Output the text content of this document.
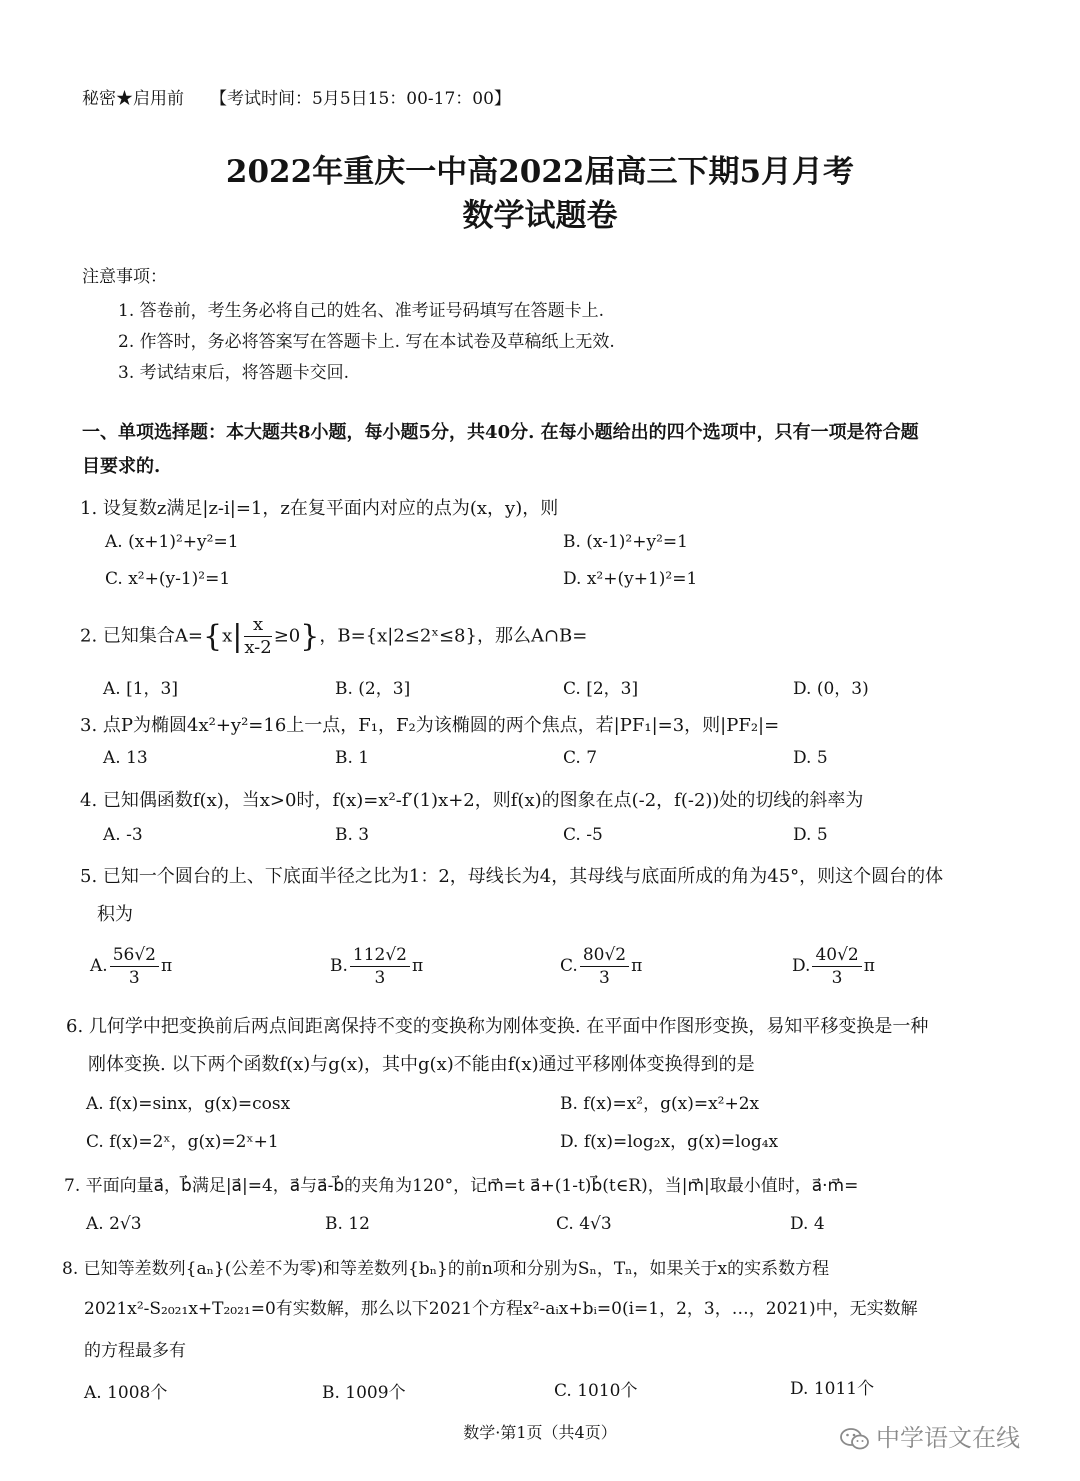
秘密★启用前 【考试时间：5月5日15：00-17：00】
2022年重庆一中高2022届高三下期5月月考
数学试题卷
注意事项：
1. 答卷前，考生务必将自己的姓名、准考证号码填写在答题卡上.
2. 作答时，务必将答案写在答题卡上. 写在本试卷及草稿纸上无效.
3. 考试结束后，将答题卡交回.
一、单项选择题：本大题共8小题，每小题5分，共40分. 在每小题给出的四个选项中，只有一项是符合题
目要求的.
1. 设复数z满足|z-i|=1，z在复平面内对应的点为(x，y)，则
A. (x+1)²+y²=1	B. (x-1)²+y²=1
C. x²+(y-1)²=1	D. x²+(y+1)²=1
2. 已知集合$A=\{x| \frac{x}{x-2} \ge 0\}$，B={x|2≤2ˣ≤8}，那么A∩B=
A. [1，3]	B. (2，3]	C. [2，3]	D. (0，3)
3. 点P为椭圆4x²+y²=16上一点，F₁，F₂为该椭圆的两个焦点，若|PF₁|=3，则|PF₂|=
A. 13	B. 1	C. 7	D. 5
4. 已知偶函数f(x)，当x>0时，f(x)=x²-f′(1)x+2，则f(x)的图象在点(-2，f(-2))处的切线的斜率为
A. -3	B. 3	C. -5	D. 5
5. 已知一个圆台的上、下底面半径之比为1：2，母线长为4，其母线与底面所成的角为45°，则这个圆台的体
积为
A. $\frac{56√2}{3}$ π	B. $\frac{112√2}{3}$ π	C. $\frac{80√2}{3}$ π	D. $\frac{40√2}{3}$ π
6. 几何学中把变换前后两点间距离保持不变的变换称为刚体变换. 在平面中作图形变换，易知平移变换是一种
刚体变换. 以下两个函数f(x)与g(x)，其中g(x)不能由f(x)通过平移刚体变换得到的是
A. f(x)=sinx，g(x)=cosx	B. f(x)=x²，g(x)=x²+2x
C. f(x)=2ˣ，g(x)=2ˣ+1	D. f(x)=log₂x，g(x)=log₄x
7. 平面向量a⃗，b⃗满足|a⃗|=4，a⃗与a⃗-b⃗的夹角为120°，记m⃗=t a⃗+(1-t)b⃗(t∈R)，当|m⃗|取最小值时，a⃗·m⃗=
A. 2√3	B. 12	C. 4√3	D. 4
8. 已知等差数列{aₙ}(公差不为零)和等差数列{bₙ}的前n项和分别为Sₙ，Tₙ，如果关于x的实系数方程
2021x²-S₂₀₂₁x+T₂₀₂₁=0有实数解，那么以下2021个方程x²-aᵢx+bᵢ=0(i=1，2，3，…，2021)中，无实数解
的方程最多有
A. 1008个	B. 1009个	C. 1010个	D. 1011个
数学·第1页（共4页）	中学语文在线
